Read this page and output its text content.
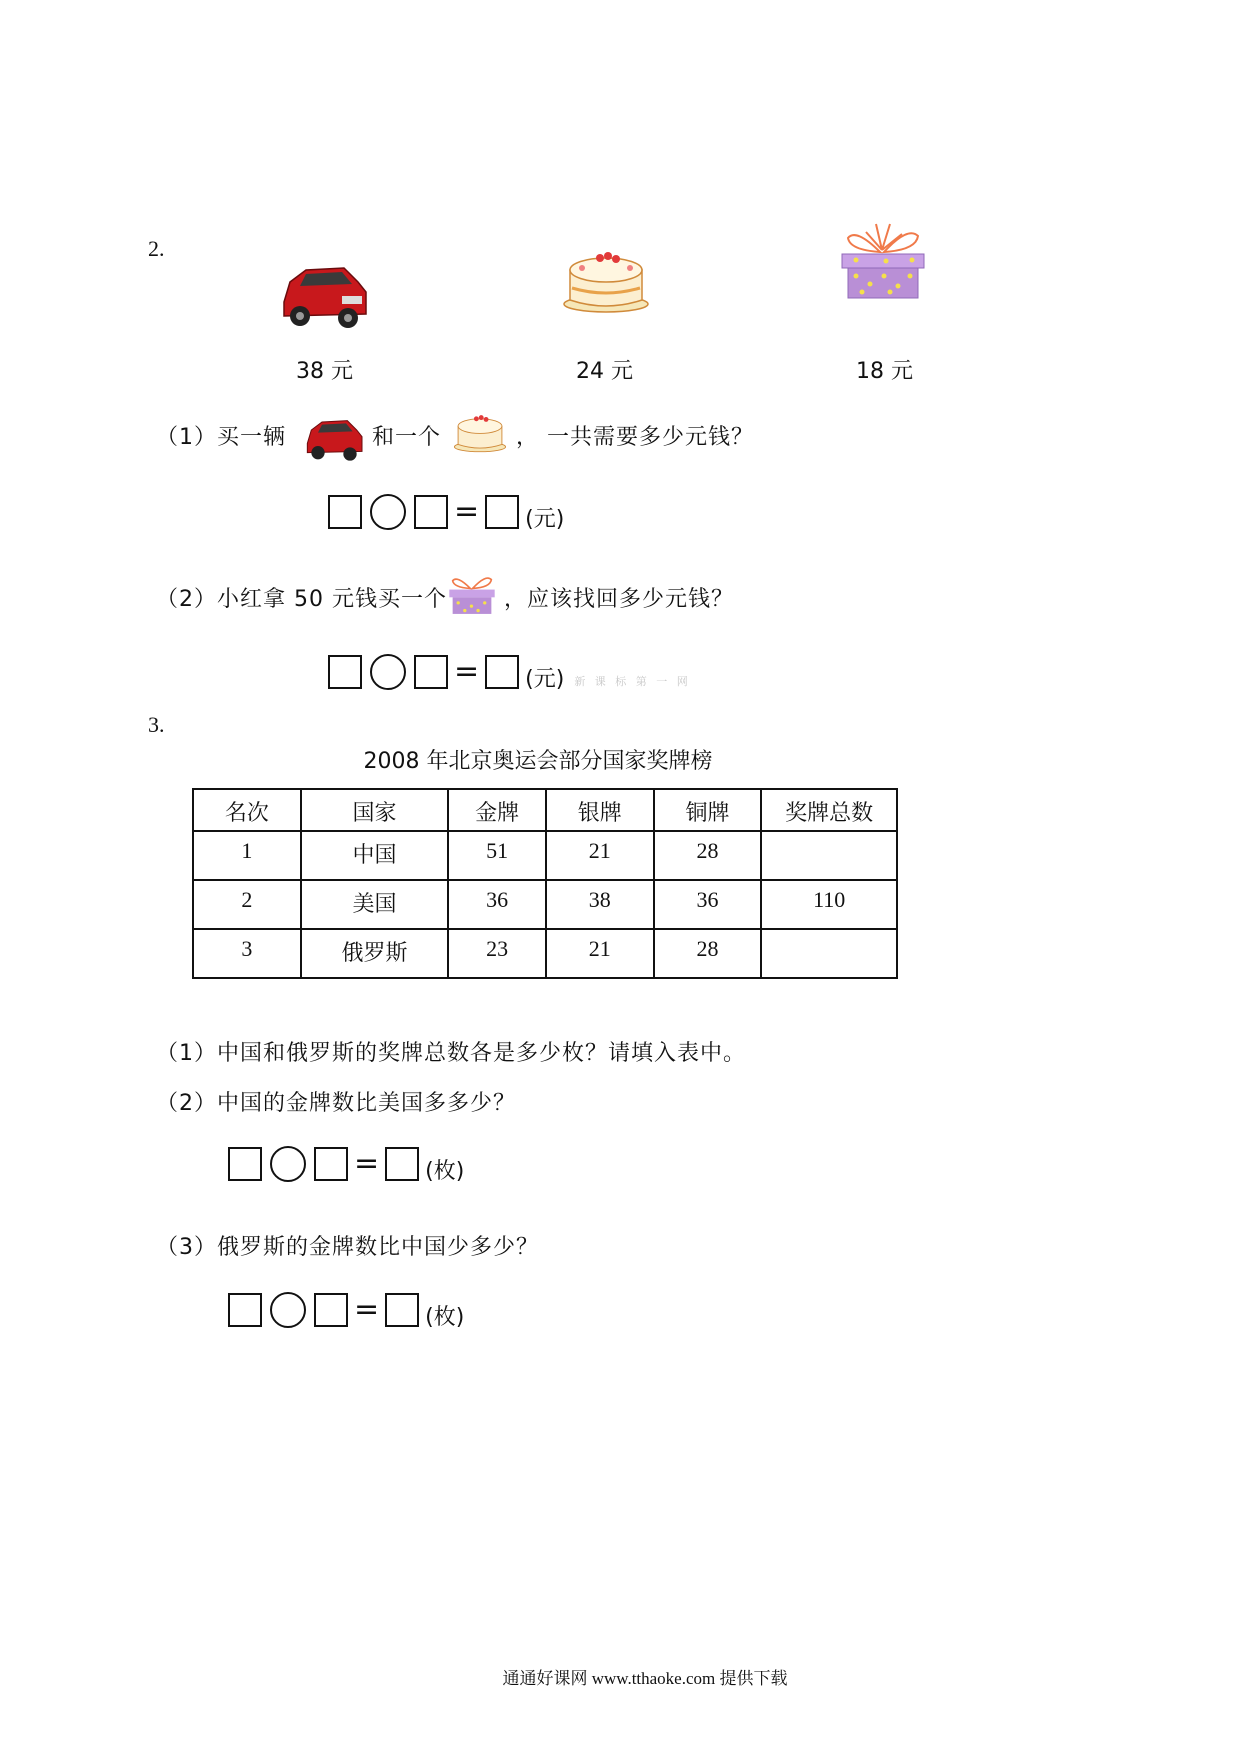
2.
38 元	24 元	18 元
（1）买一辆	和一个	， 一共需要多少元钱？
= (元)
（2）小红拿 50 元钱买一个	，应该找回多少元钱？
= (元) 新 课 标 第 一 网
3.
2008 年北京奥运会部分国家奖牌榜
名次	国家	金牌	银牌	铜牌	奖牌总数
1	中国	51	21	28	
2	美国	36	38	36	110
3	俄罗斯	23	21	28	
（1）中国和俄罗斯的奖牌总数各是多少枚？请填入表中。
（2）中国的金牌数比美国多多少？
= (枚)
（3）俄罗斯的金牌数比中国少多少？
= (枚)
通通好课网 www.tthaoke.com 提供下载
